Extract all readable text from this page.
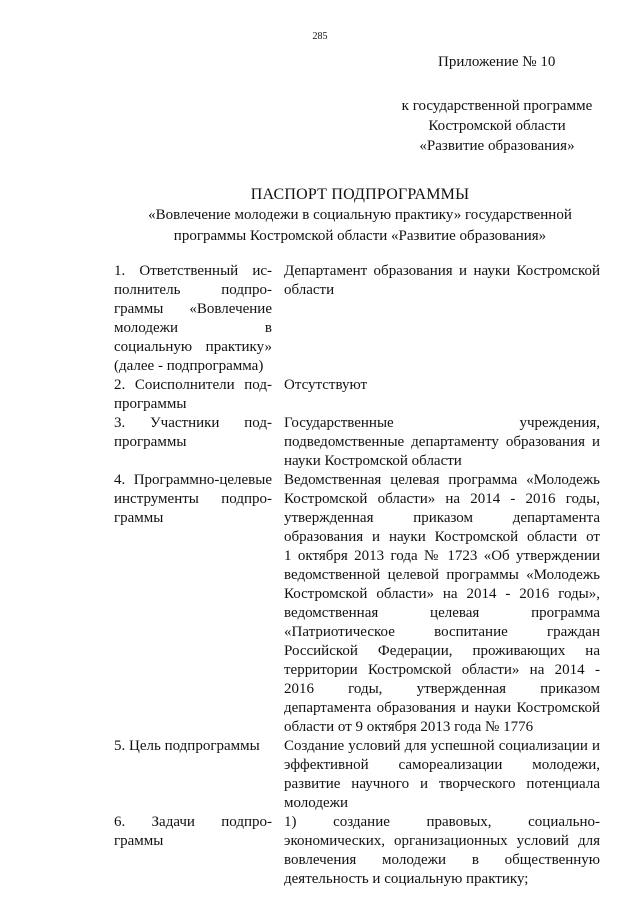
285
Приложение № 10
к государственной программе
Костромской области
«Развитие образования»
ПАСПОРТ ПОДПРОГРАММЫ
«Вовлечение молодежи в социальную практику» государственной
программы Костромской области «Развитие образования»
1. Ответственный ис-
полнитель подпро-
граммы «Вовлечение
молодежи в
социальную практику»
(далее - подпрограмма)
Департамент образования и науки Костромской
области
2. Соисполнители под-
программы
Отсутствуют
3. Участники под-
программы

Государственные учреждения,
подведомственные департаменту образования и
науки Костромской области
4. Программно-целевые
инструменты подпро-
граммы

Ведомственная целевая программа «Молодежь
Костромской области» на 2014 - 2016 годы,
утвержденная приказом департамента
образования и науки Костромской области от
1 октября 2013 года № 1723 «Об утверждении
ведомственной целевой программы «Молодежь
Костромской области» на 2014 - 2016 годы»,
ведомственная целевая программа
«Патриотическое воспитание граждан
Российской Федерации, проживающих на
территории Костромской области» на 2014 -
2016 годы, утвержденная приказом
департамента образования и науки Костромской
области от 9 октября 2013 года № 1776
5. Цель подпрограммы

	Создание условий для успешной социализации и
эффективной самореализации молодежи,
развитие научного и творческого потенциала
молодежи
6. Задачи подпро-
граммы

1) создание правовых, социально-
экономических, организационных условий для
вовлечения молодежи в общественную
деятельность и социальную практику;
